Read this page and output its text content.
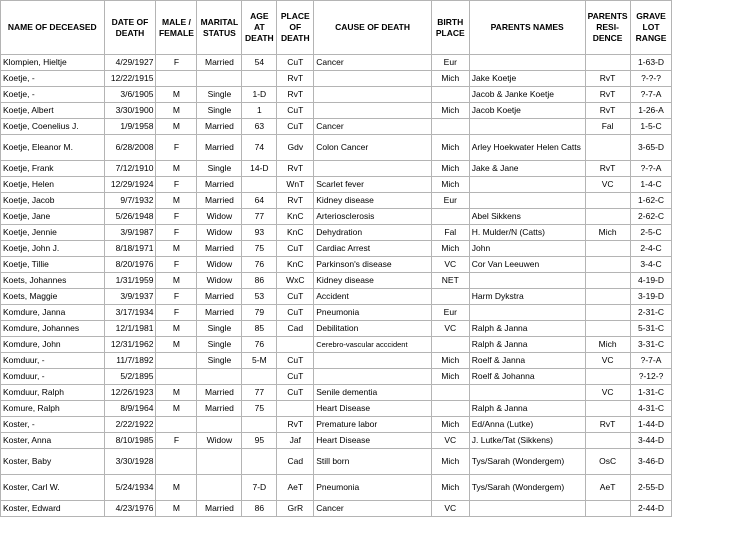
NAME OF DECEASED	DATE OF DEATH	MALE / FEMALE	MARITAL STATUS	AGE AT DEATH	PLACE OF DEATH	CAUSE OF DEATH	BIRTH PLACE	PARENTS NAMES	PARENTS RESI-DENCE	GRAVE LOT RANGE	
Klompien, Hieltje	4/29/1927	F	Married	54	CuT	Cancer	Eur			1-63-D	
Koetje, -	12/22/1915				RvT		Mich	Jake Koetje	RvT	?-?-?	
Koetje, -	3/6/1905	M	Single	1-D	RvT			Jacob & Janke Koetje	RvT	?-7-A	
Koetje, Albert	3/30/1900	M	Single	1	CuT		Mich	Jacob Koetje	RvT	1-26-A	
Koetje, Coenelius J.	1/9/1958	M	Married	63	CuT	Cancer			Fal	1-5-C	
Koetje, Eleanor M.	6/28/2008	F	Married	74	Gdv	Colon Cancer	Mich	Arley Hoekwater Helen Catts		3-65-D	
Koetje, Frank	7/12/1910	M	Single	14-D	RvT		Mich	Jake & Jane	RvT	?-?-A	
Koetje, Helen	12/29/1924	F	Married		WnT	Scarlet fever	Mich		VC	1-4-C	
Koetje, Jacob	9/7/1932	M	Married	64	RvT	Kidney disease	Eur			1-62-C	
Koetje, Jane	5/26/1948	F	Widow	77	KnC	Arteriosclerosis		Abel Sikkens		2-62-C	
Koetje, Jennie	3/9/1987	F	Widow	93	KnC	Dehydration	Fal	H. Mulder/N (Catts)	Mich	2-5-C	
Koetje, John J.	8/18/1971	M	Married	75	CuT	Cardiac Arrest	Mich	John		2-4-C	
Koetje, Tillie	8/20/1976	F	Widow	76	KnC	Parkinson's disease	VC	Cor Van Leeuwen		3-4-C	
Koets, Johannes	1/31/1959	M	Widow	86	WxC	Kidney disease	NET			4-19-D	
Koets, Maggie	3/9/1937	F	Married	53	CuT	Accident		Harm Dykstra		3-19-D	
Komdure, Janna	3/17/1934	F	Married	79	CuT	Pneumonia	Eur			2-31-C	
Komdure, Johannes	12/1/1981	M	Single	85	Cad	Debilitation	VC	Ralph & Janna		5-31-C	
Komdure, John	12/31/1962	M	Single	76		Cerebro-vascular acccident		Ralph & Janna	Mich	3-31-C	
Komduur, -	11/7/1892		Single	5-M	CuT		Mich	Roelf & Janna	VC	?-7-A	
Komduur, -	5/2/1895				CuT		Mich	Roelf & Johanna		?-12-?	
Komduur, Ralph	12/26/1923	M	Married	77	CuT	Senile dementia			VC	1-31-C	
Komure, Ralph	8/9/1964	M	Married	75		Heart Disease		Ralph & Janna		4-31-C	
Koster, -	2/22/1922				RvT	Premature labor	Mich	Ed/Anna (Lutke)	RvT	1-44-D	
Koster, Anna	8/10/1985	F	Widow	95	Jaf	Heart Disease	VC	J. Lutke/Tat (Sikkens)		3-44-D	
Koster, Baby	3/30/1928				Cad	Still born	Mich	Tys/Sarah (Wondergem)	OsC	3-46-D	
Koster, Carl W.	5/24/1934	M		7-D	AeT	Pneumonia	Mich	Tys/Sarah (Wondergem)	AeT	2-55-D	
Koster, Edward	4/23/1976	M	Married	86	GrR	Cancer	VC			2-44-D	
